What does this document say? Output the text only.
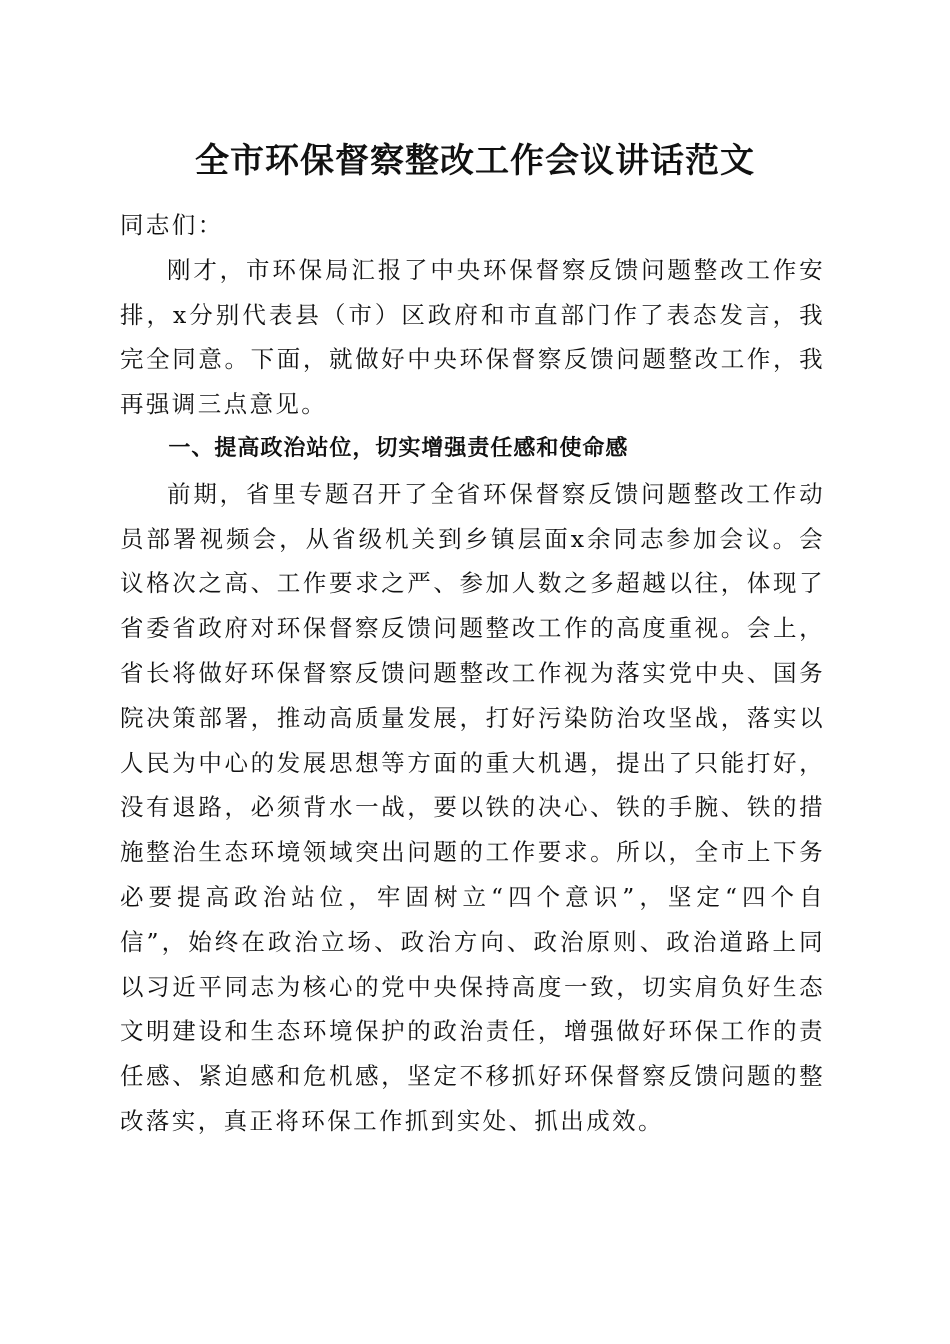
全市环保督察整改工作会议讲话范文

同志们：

刚才，市环保局汇报了中央环保督察反馈问题整改工作安排，x分别代表县（市）区政府和市直部门作了表态发言，我完全同意。下面，就做好中央环保督察反馈问题整改工作，我再强调三点意见。

一、提高政治站位，切实增强责任感和使命感

前期，省里专题召开了全省环保督察反馈问题整改工作动员部署视频会，从省级机关到乡镇层面x余同志参加会议。会议格次之高、工作要求之严、参加人数之多超越以往，体现了省委省政府对环保督察反馈问题整改工作的高度重视。会上，省长将做好环保督察反馈问题整改工作视为落实党中央、国务院决策部署，推动高质量发展，打好污染防治攻坚战，落实以人民为中心的发展思想等方面的重大机遇，提出了只能打好，没有退路，必须背水一战，要以铁的决心、铁的手腕、铁的措施整治生态环境领域突出问题的工作要求。所以，全市上下务必要提高政治站位，牢固树立“四个意识”，坚定“四个自信”，始终在政治立场、政治方向、政治原则、政治道路上同以习近平同志为核心的党中央保持高度一致，切实肩负好生态文明建设和生态环境保护的政治责任，增强做好环保工作的责任感、紧迫感和危机感，坚定不移抓好环保督察反馈问题的整改落实，真正将环保工作抓到实处、抓出成效。
